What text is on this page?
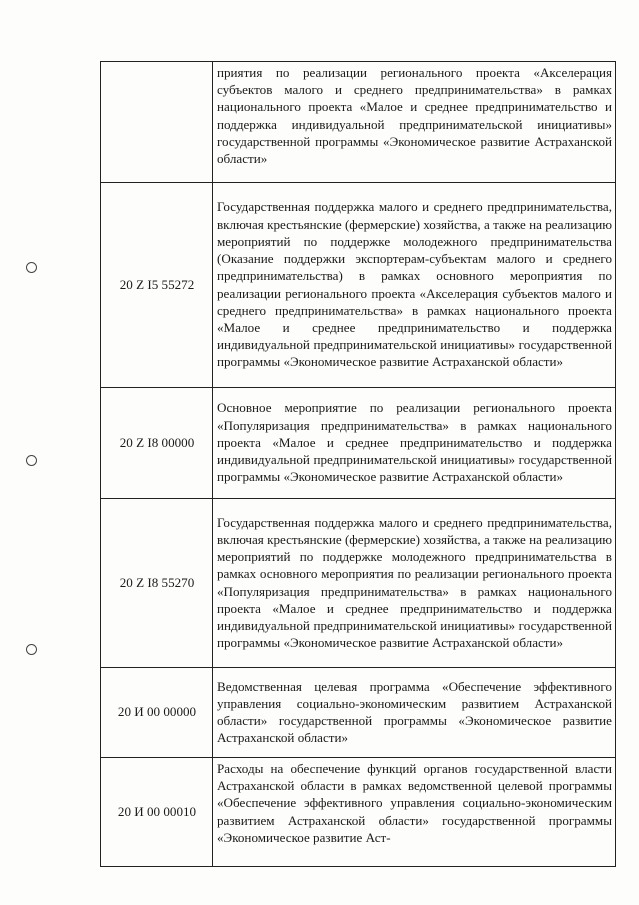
	приятия по реализации регионального проекта «Акселерация субъектов малого и среднего предпринимательства» в рамках национального проекта «Малое и среднее предпринимательство и поддержка индивидуальной предпринимательской инициативы» государственной программы «Экономическое развитие Астраханской области»
20 Z I5 55272	Государственная поддержка малого и среднего предпринимательства, включая крестьянские (фермерские) хозяйства, а также на реализацию мероприятий по поддержке молодежного предпринимательства (Оказание поддержки экспортерам-субъектам малого и среднего предпринимательства) в рамках основного мероприятия по реализации регионального проекта «Акселерация субъектов малого и среднего предпринимательства» в рамках национального проекта «Малое и среднее предпринимательство и поддержка индивидуальной предпринимательской инициативы» государственной программы «Экономическое развитие Астраханской области»
20 Z I8 00000	Основное мероприятие по реализации регионального проекта «Популяризация предпринимательства» в рамках национального проекта «Малое и среднее предпринимательство и поддержка индивидуальной предпринимательской инициативы» государственной программы «Экономическое развитие Астраханской области»
20 Z I8 55270	Государственная поддержка малого и среднего предпринимательства, включая крестьянские (фермерские) хозяйства, а также на реализацию мероприятий по поддержке молодежного предпринимательства в рамках основного мероприятия по реализации регионального проекта «Популяризация предпринимательства» в рамках национального проекта «Малое и среднее предпринимательство и поддержка индивидуальной предпринимательской инициативы» государственной программы «Экономическое развитие Астраханской области»
20 И 00 00000	Ведомственная целевая программа «Обеспечение эффективного управления социально-экономическим развитием Астраханской области» государственной программы «Экономическое развитие Астраханской области»
20 И 00 00010	Расходы на обеспечение функций органов государственной власти Астраханской области в рамках ведомственной целевой программы «Обеспечение эффективного управления социально-экономическим развитием Астраханской области» государственной программы «Экономическое развитие Аст-
